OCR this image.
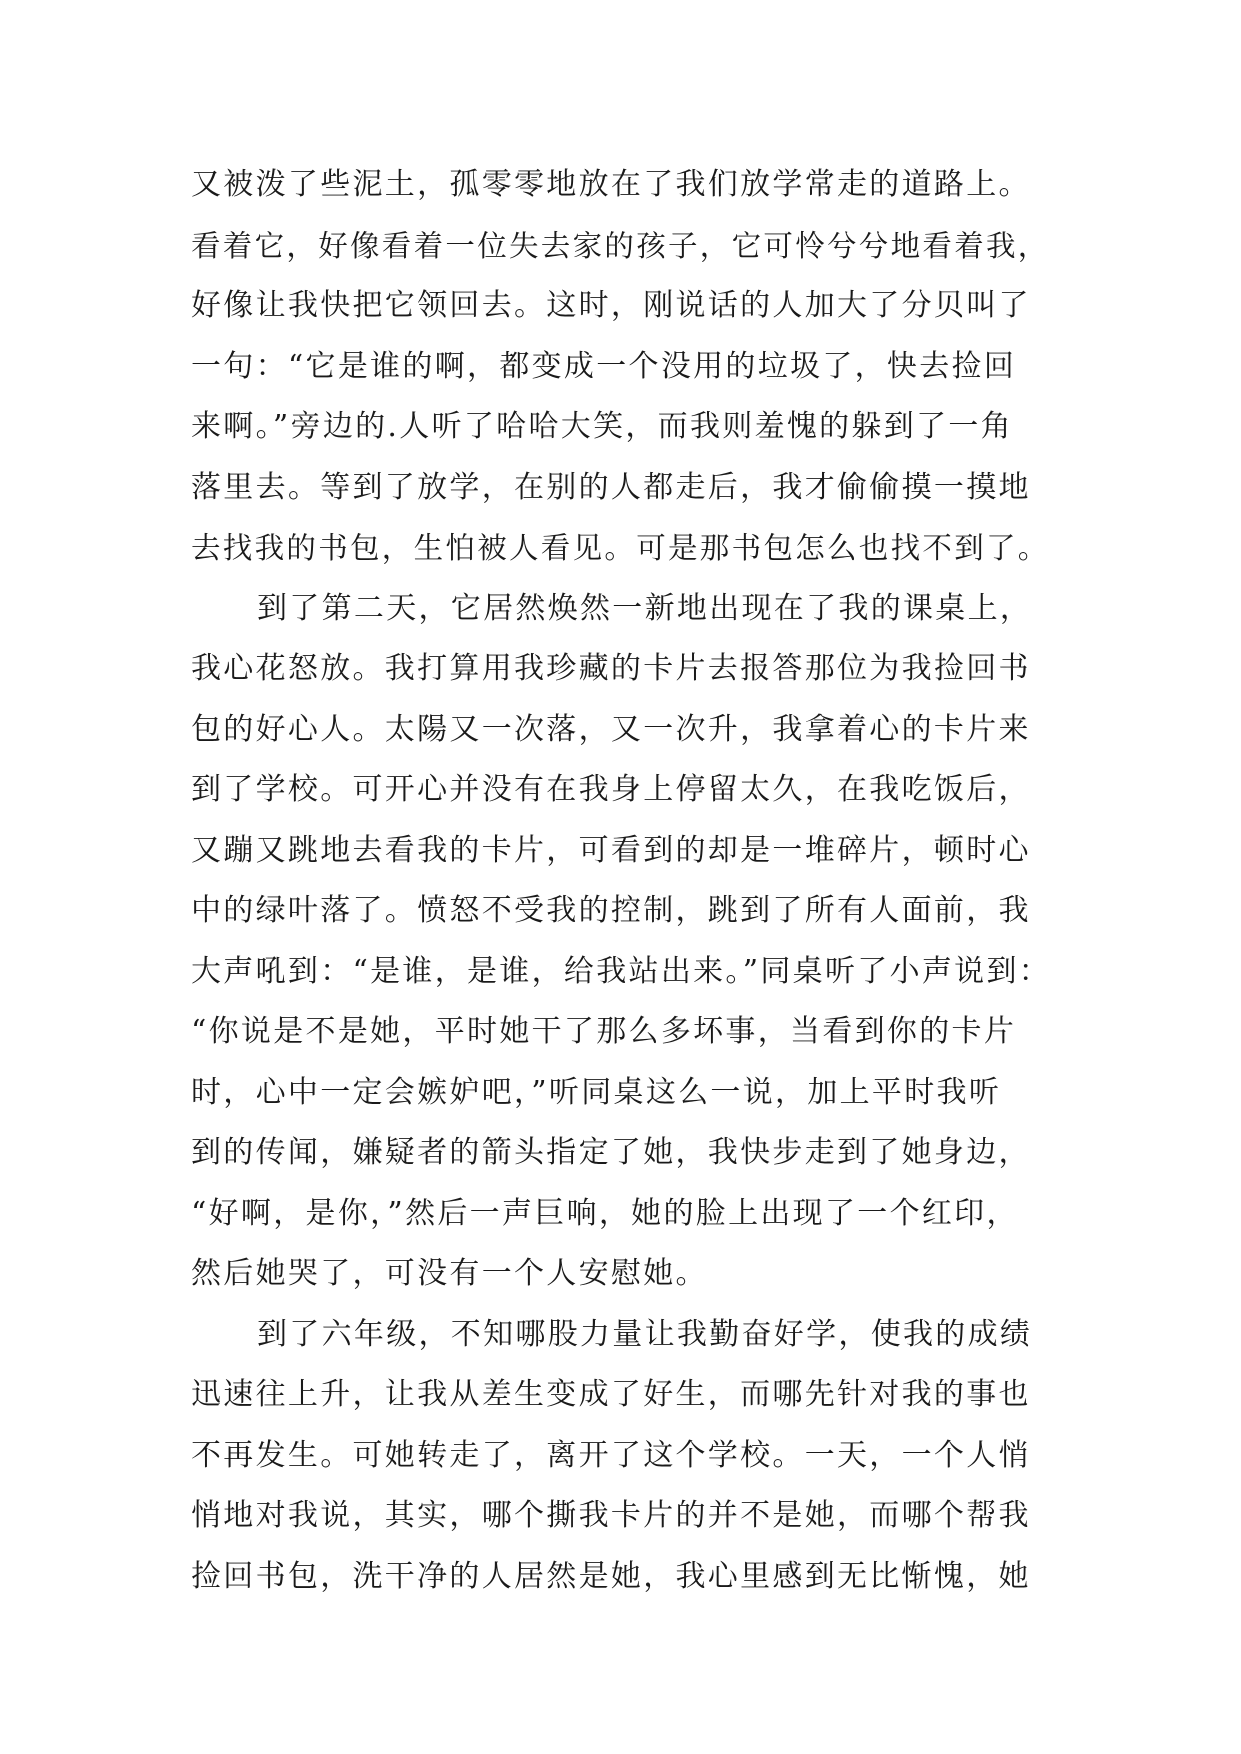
又被泼了些泥土，孤零零地放在了我们放学常走的道路上。
看着它，好像看着一位失去家的孩子，它可怜兮兮地看着我，
好像让我快把它领回去。这时，刚说话的人加大了分贝叫了
一句：“它是谁的啊，都变成一个没用的垃圾了，快去捡回
来啊。”旁边的.人听了哈哈大笑，而我则羞愧的躲到了一角
落里去。等到了放学，在别的人都走后，我才偷偷摸一摸地
去找我的书包，生怕被人看见。可是那书包怎么也找不到了。
到了第二天，它居然焕然一新地出现在了我的课桌上，
我心花怒放。我打算用我珍藏的卡片去报答那位为我捡回书
包的好心人。太陽又一次落，又一次升，我拿着心的卡片来
到了学校。可开心并没有在我身上停留太久，在我吃饭后，
又蹦又跳地去看我的卡片，可看到的却是一堆碎片，顿时心
中的绿叶落了。愤怒不受我的控制，跳到了所有人面前，我
大声吼到：“是谁，是谁，给我站出来。”同桌听了小声说到：
“你说是不是她，平时她干了那么多坏事，当看到你的卡片
时，心中一定会嫉妒吧，”听同桌这么一说，加上平时我听
到的传闻，嫌疑者的箭头指定了她，我快步走到了她身边，
“好啊，是你，”然后一声巨响，她的脸上出现了一个红印，
然后她哭了，可没有一个人安慰她。
到了六年级，不知哪股力量让我勤奋好学，使我的成绩
迅速往上升，让我从差生变成了好生，而哪先针对我的事也
不再发生。可她转走了，离开了这个学校。一天，一个人悄
悄地对我说，其实，哪个撕我卡片的并不是她，而哪个帮我
捡回书包，洗干净的人居然是她，我心里感到无比惭愧，她
